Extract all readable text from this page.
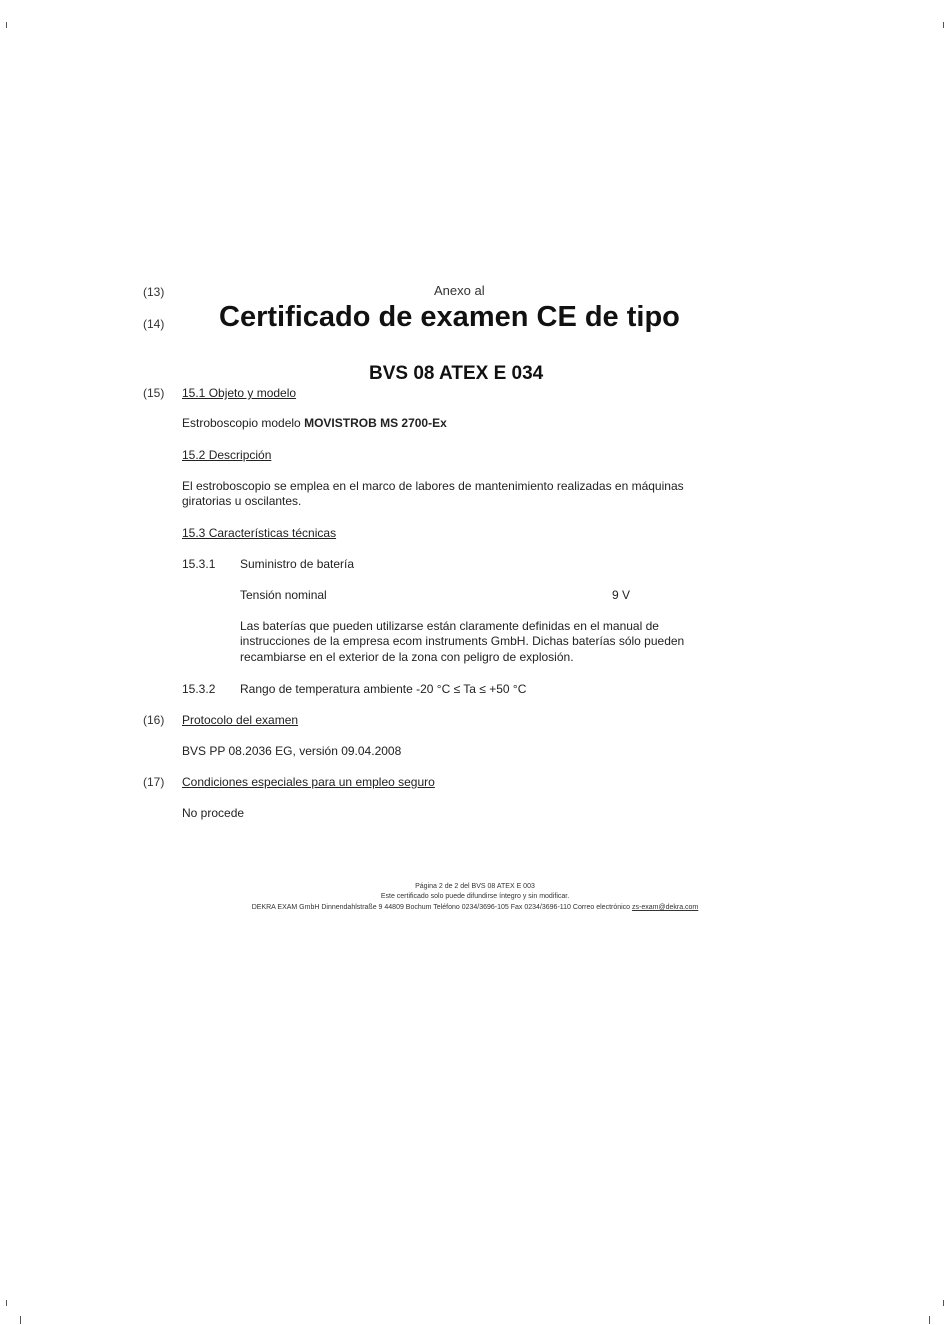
(13)	Anexo al
(14) Certificado de examen CE de tipo
BVS 08 ATEX E 034
(15) 15.1 Objeto y modelo
Estroboscopio modelo MOVISTROB MS 2700-Ex
15.2 Descripción
El estroboscopio se emplea en el marco de labores de mantenimiento realizadas en máquinas
giratorias u oscilantes.
15.3 Características técnicas
15.3.1 Suministro de batería
Tensión nominal	9 V
Las baterías que pueden utilizarse están claramente definidas en el manual de
instrucciones de la empresa ecom instruments GmbH. Dichas baterías sólo pueden
recambiarse en el exterior de la zona con peligro de explosión.
15.3.2 Rango de temperatura ambiente -20 °C ≤ Ta ≤ +50 °C
(16) Protocolo del examen
BVS PP 08.2036 EG, versión 09.04.2008
(17) Condiciones especiales para un empleo seguro
No procede
Página 2 de 2 del BVS 08 ATEX E 003
Este certificado solo puede difundirse íntegro y sin modificar.
DEKRA EXAM GmbH Dinnendahlstraße 9 44809 Bochum Teléfono 0234/3696-105 Fax 0234/3696-110 Correo electrónico zs-exam@dekra.com
